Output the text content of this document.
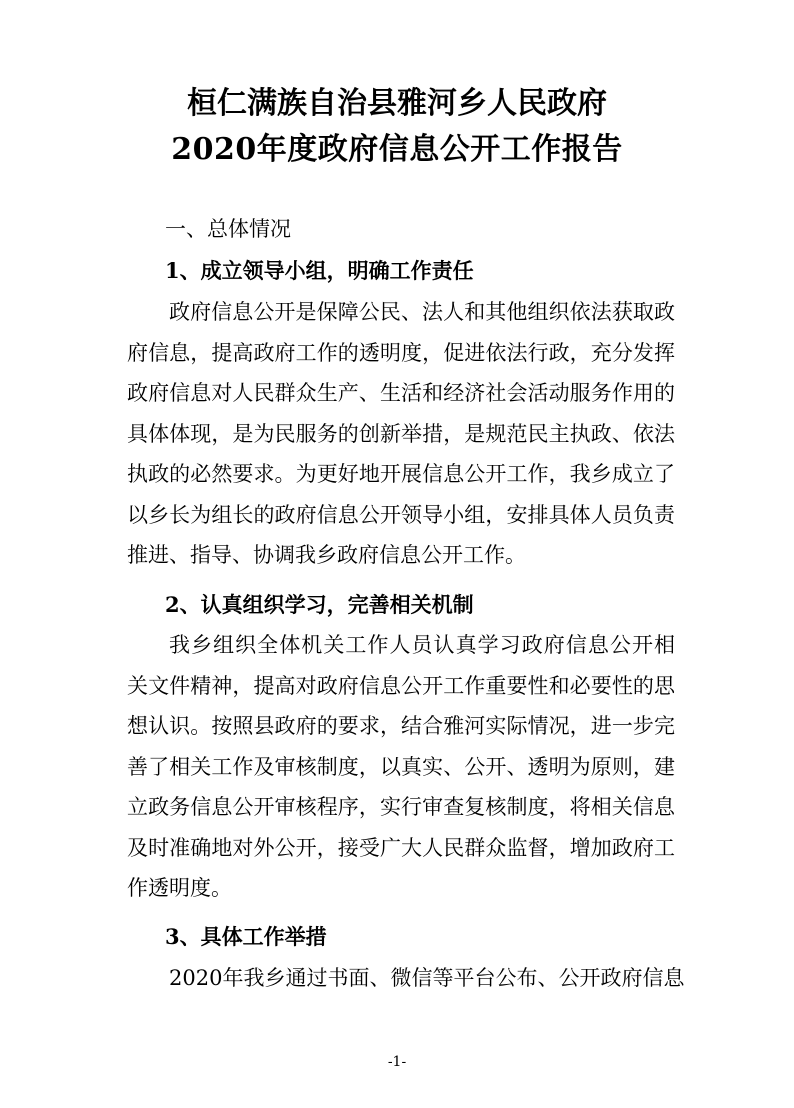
桓仁满族自治县雅河乡人民政府
2020年度政府信息公开工作报告
一、总体情况
1、成立领导小组，明确工作责任
政府信息公开是保障公民、法人和其他组织依法获取政
府信息，提高政府工作的透明度，促进依法行政，充分发挥
政府信息对人民群众生产、生活和经济社会活动服务作用的
具体体现，是为民服务的创新举措，是规范民主执政、依法
执政的必然要求。为更好地开展信息公开工作，我乡成立了
以乡长为组长的政府信息公开领导小组，安排具体人员负责
推进、指导、协调我乡政府信息公开工作。
2、认真组织学习，完善相关机制
我乡组织全体机关工作人员认真学习政府信息公开相
关文件精神，提高对政府信息公开工作重要性和必要性的思
想认识。按照县政府的要求，结合雅河实际情况，进一步完
善了相关工作及审核制度，以真实、公开、透明为原则，建
立政务信息公开审核程序，实行审查复核制度，将相关信息
及时准确地对外公开，接受广大人民群众监督，增加政府工
作透明度。
3、具体工作举措
2020年我乡通过书面、微信等平台公布、公开政府信息
-1-
